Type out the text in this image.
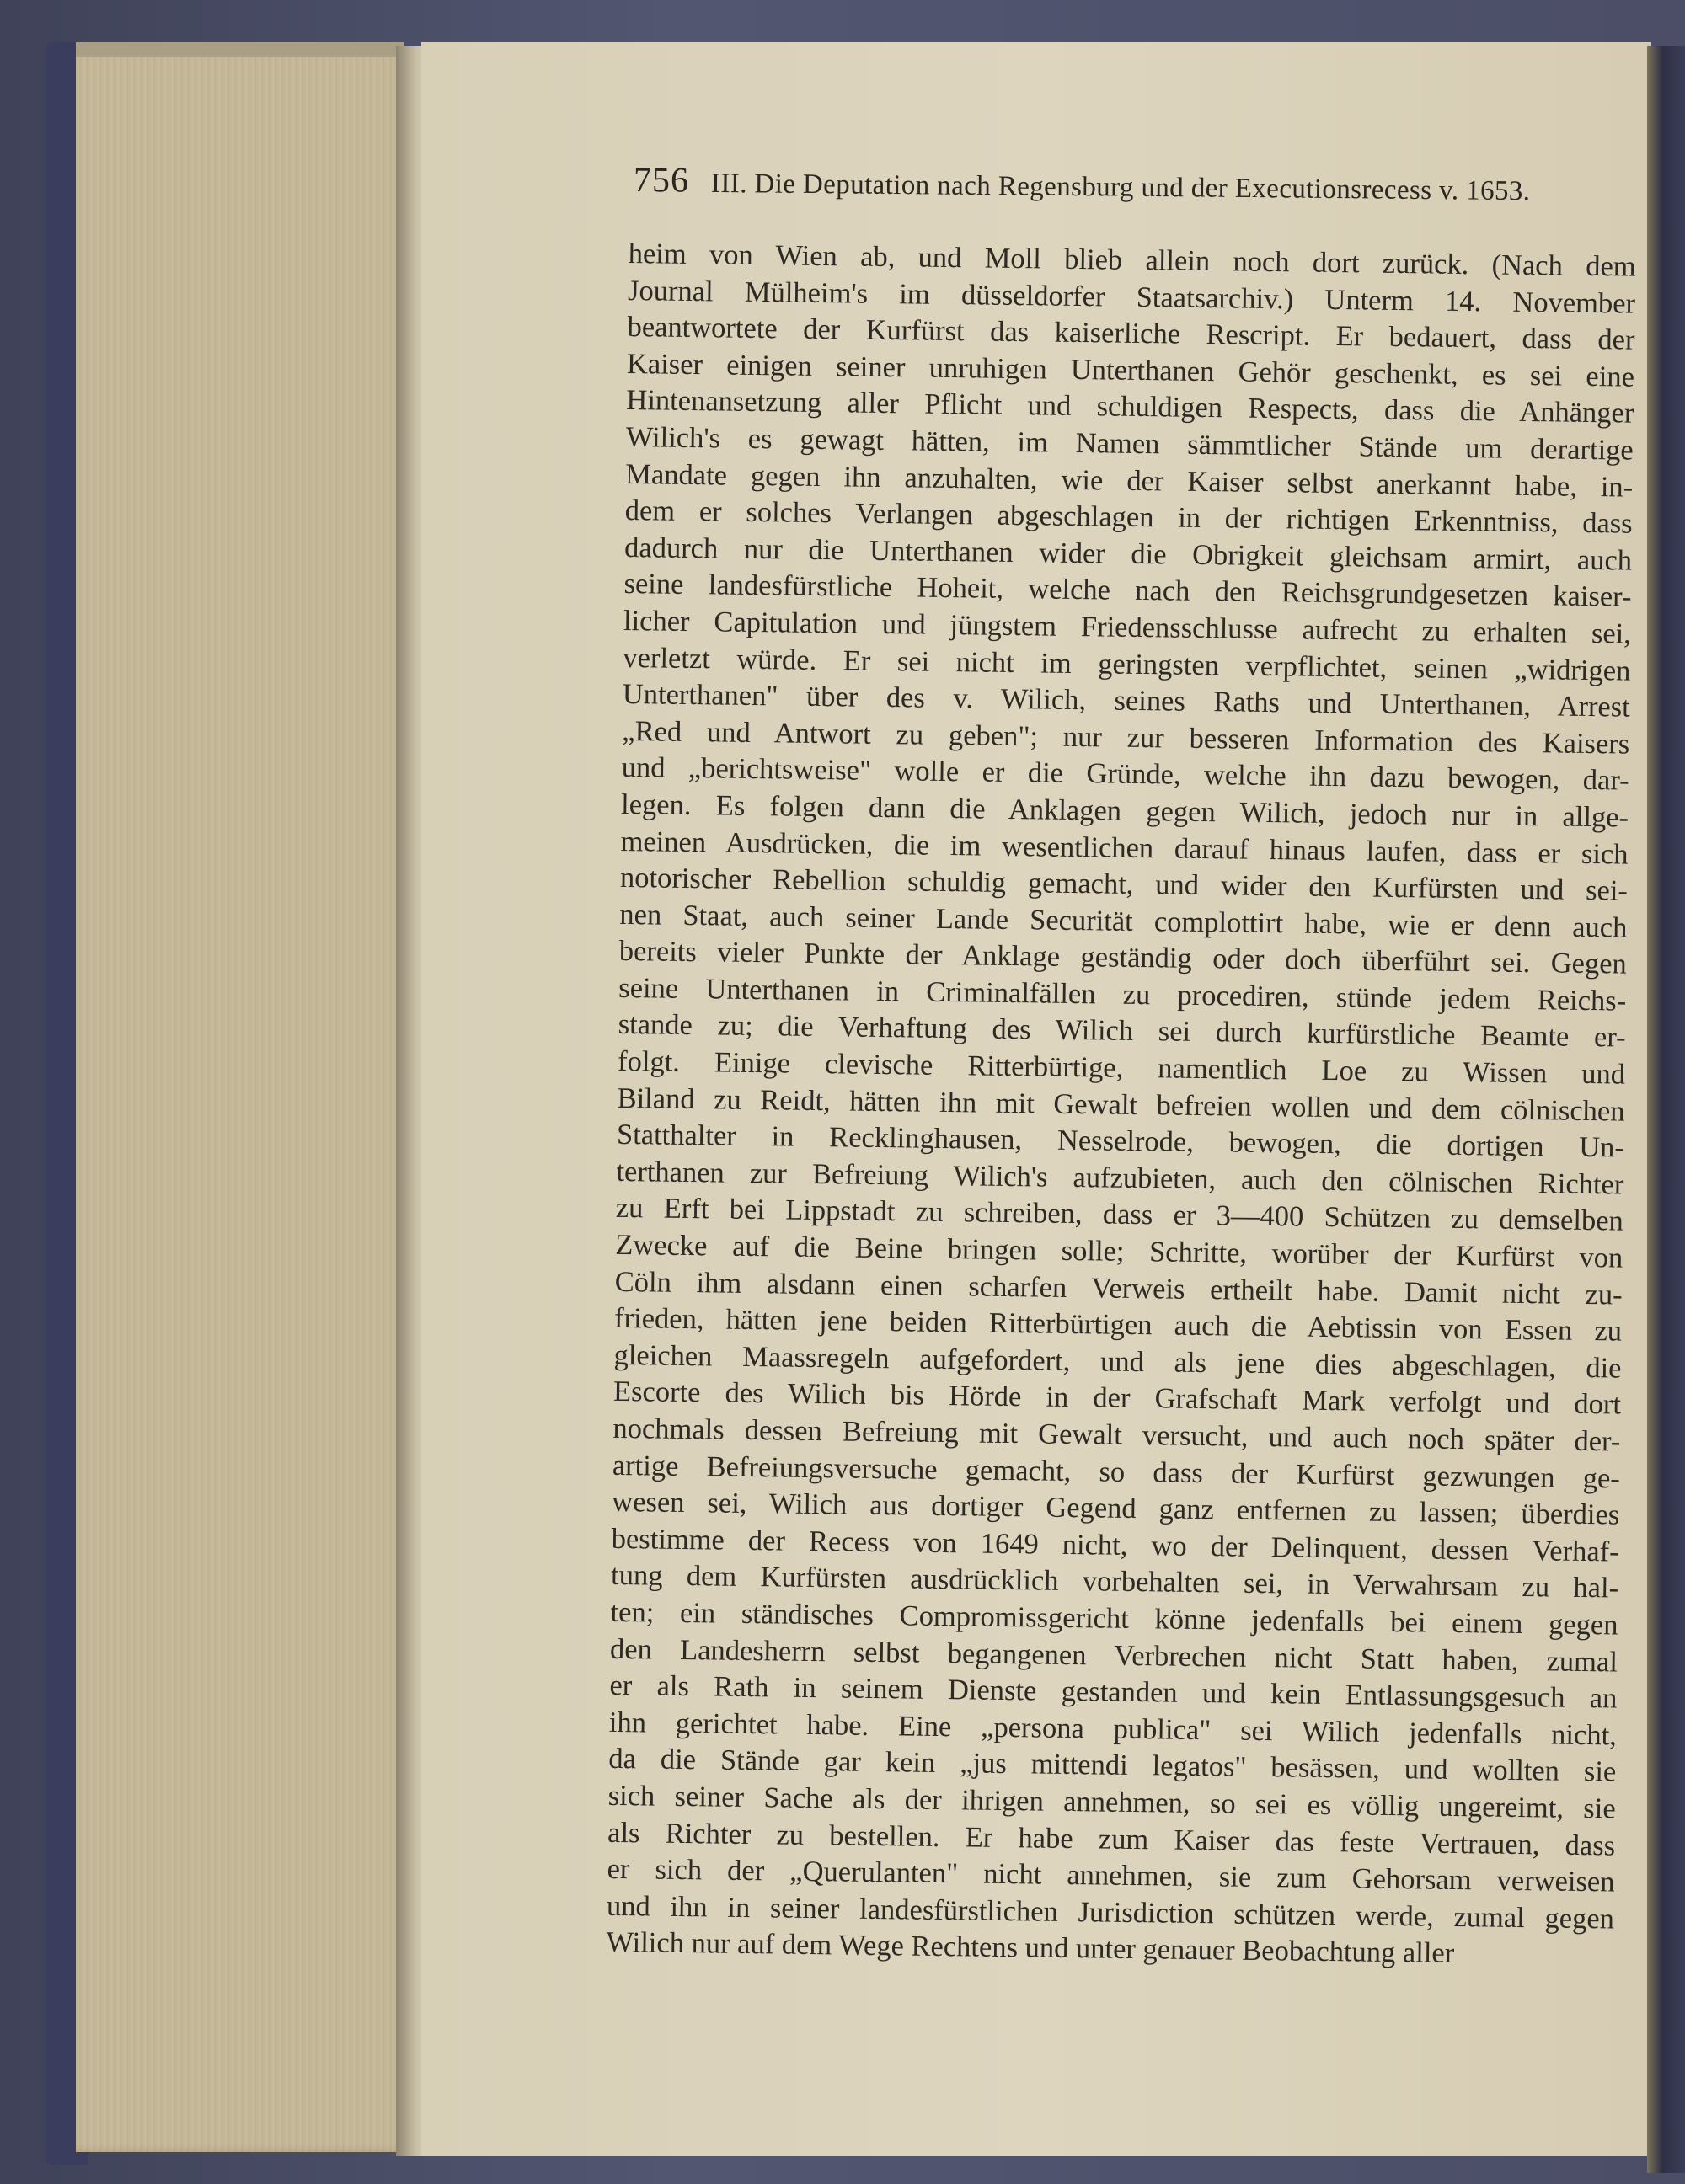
756 III. Die Deputation nach Regensburg und der Executionsrecess v. 1653.
heim von Wien ab, und Moll blieb allein noch dort zurück. (Nach dem
Journal Mülheim's im düsseldorfer Staatsarchiv.) Unterm 14. November
beantwortete der Kurfürst das kaiserliche Rescript. Er bedauert, dass der
Kaiser einigen seiner unruhigen Unterthanen Gehör geschenkt, es sei eine
Hintenansetzung aller Pflicht und schuldigen Respects, dass die Anhänger
Wilich's es gewagt hätten, im Namen sämmtlicher Stände um derartige
Mandate gegen ihn anzuhalten, wie der Kaiser selbst anerkannt habe, in-
dem er solches Verlangen abgeschlagen in der richtigen Erkenntniss, dass
dadurch nur die Unterthanen wider die Obrigkeit gleichsam armirt, auch
seine landesfürstliche Hoheit, welche nach den Reichsgrundgesetzen kaiser-
licher Capitulation und jüngstem Friedensschlusse aufrecht zu erhalten sei,
verletzt würde. Er sei nicht im geringsten verpflichtet, seinen „widrigen
Unterthanen" über des v. Wilich, seines Raths und Unterthanen, Arrest
„Red und Antwort zu geben"; nur zur besseren Information des Kaisers
und „berichtsweise" wolle er die Gründe, welche ihn dazu bewogen, dar-
legen. Es folgen dann die Anklagen gegen Wilich, jedoch nur in allge-
meinen Ausdrücken, die im wesentlichen darauf hinaus laufen, dass er sich
notorischer Rebellion schuldig gemacht, und wider den Kurfürsten und sei-
nen Staat, auch seiner Lande Securität complottirt habe, wie er denn auch
bereits vieler Punkte der Anklage geständig oder doch überführt sei. Gegen
seine Unterthanen in Criminalfällen zu procediren, stünde jedem Reichs-
stande zu; die Verhaftung des Wilich sei durch kurfürstliche Beamte er-
folgt. Einige clevische Ritterbürtige, namentlich Loe zu Wissen und
Biland zu Reidt, hätten ihn mit Gewalt befreien wollen und dem cölnischen
Statthalter in Recklinghausen, Nesselrode, bewogen, die dortigen Un-
terthanen zur Befreiung Wilich's aufzubieten, auch den cölnischen Richter
zu Erft bei Lippstadt zu schreiben, dass er 3—400 Schützen zu demselben
Zwecke auf die Beine bringen solle; Schritte, worüber der Kurfürst von
Cöln ihm alsdann einen scharfen Verweis ertheilt habe. Damit nicht zu-
frieden, hätten jene beiden Ritterbürtigen auch die Aebtissin von Essen zu
gleichen Maassregeln aufgefordert, und als jene dies abgeschlagen, die
Escorte des Wilich bis Hörde in der Grafschaft Mark verfolgt und dort
nochmals dessen Befreiung mit Gewalt versucht, und auch noch später der-
artige Befreiungsversuche gemacht, so dass der Kurfürst gezwungen ge-
wesen sei, Wilich aus dortiger Gegend ganz entfernen zu lassen; überdies
bestimme der Recess von 1649 nicht, wo der Delinquent, dessen Verhaf-
tung dem Kurfürsten ausdrücklich vorbehalten sei, in Verwahrsam zu hal-
ten; ein ständisches Compromissgericht könne jedenfalls bei einem gegen
den Landesherrn selbst begangenen Verbrechen nicht Statt haben, zumal
er als Rath in seinem Dienste gestanden und kein Entlassungsgesuch an
ihn gerichtet habe. Eine „persona publica" sei Wilich jedenfalls nicht,
da die Stände gar kein „jus mittendi legatos" besässen, und wollten sie
sich seiner Sache als der ihrigen annehmen, so sei es völlig ungereimt, sie
als Richter zu bestellen. Er habe zum Kaiser das feste Vertrauen, dass
er sich der „Querulanten" nicht annehmen, sie zum Gehorsam verweisen
und ihn in seiner landesfürstlichen Jurisdiction schützen werde, zumal gegen
Wilich nur auf dem Wege Rechtens und unter genauer Beobachtung aller
